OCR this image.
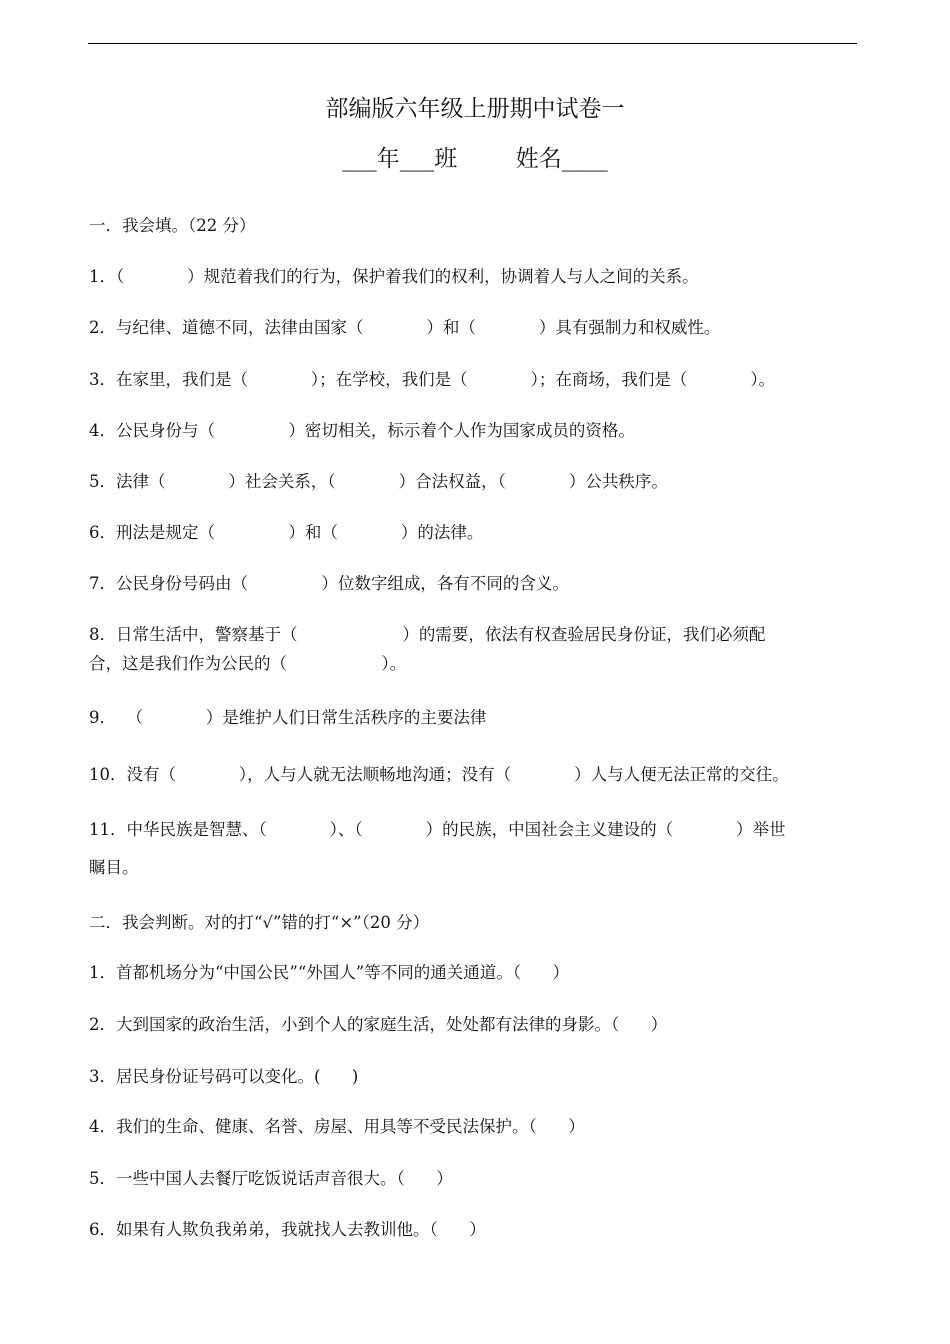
部编版六年级上册期中试卷一
___年___班        姓名____
一．我会填。（22 分）
1．（            ）规范着我们的行为，保护着我们的权利，协调着人与人之间的关系。
2．与纪律、道德不同，法律由国家（            ）和（            ）具有强制力和权威性。
3．在家里，我们是（            ）；在学校，我们是（            ）；在商场，我们是（            ）。
4．公民身份与（              ）密切相关，标示着个人作为国家成员的资格。
5．法律（            ）社会关系，（            ）合法权益，（            ）公共秩序。
6．刑法是规定（              ）和（            ）的法律。
7．公民身份号码由（              ）位数字组成，各有不同的含义。
8．日常生活中，警察基于（                    ）的需要，依法有权查验居民身份证，我们必须配
合，这是我们作为公民的（                  ）。
9．  （            ）是维护人们日常生活秩序的主要法律
10．没有（            ），人与人就无法顺畅地沟通；没有（            ）人与人便无法正常的交往。
11．中华民族是智慧、（            ）、（            ）的民族，中国社会主义建设的（            ）举世
瞩目。
二．我会判断。对的打“√”错的打“×”（20 分）
1．首都机场分为“中国公民”“外国人”等不同的通关通道。（      ）
2．大到国家的政治生活，小到个人的家庭生活，处处都有法律的身影。（      ）
3．居民身份证号码可以变化。(      )
4．我们的生命、健康、名誉、房屋、用具等不受民法保护。（      ）
5．一些中国人去餐厅吃饭说话声音很大。（      ）
6．如果有人欺负我弟弟，我就找人去教训他。（      ）
